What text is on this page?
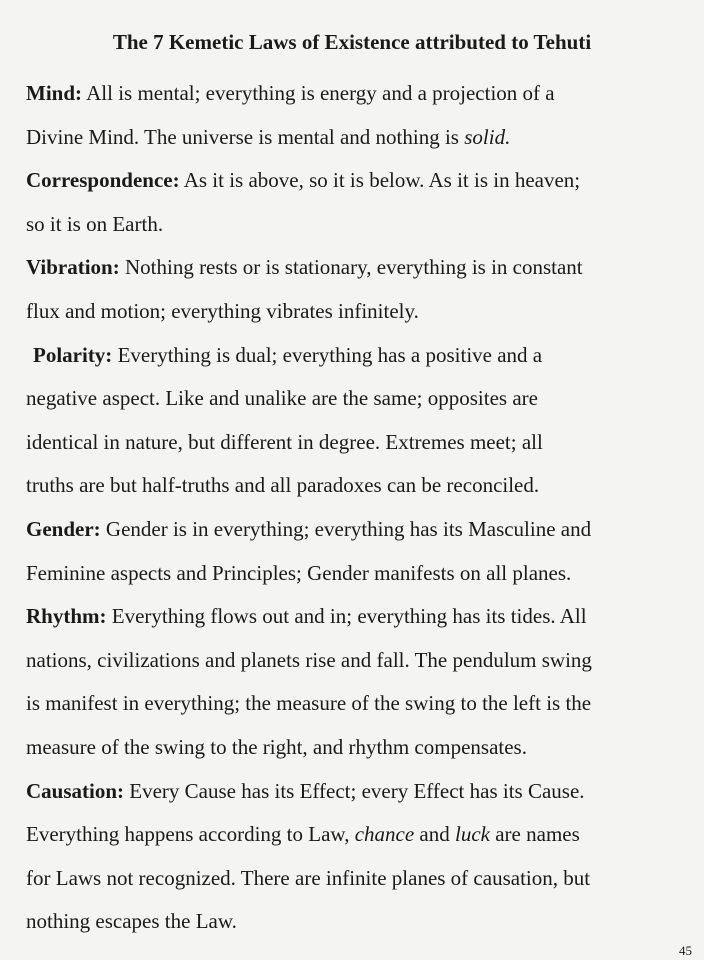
The 7 Kemetic Laws of Existence attributed to Tehuti
Mind: All is mental; everything is energy and a projection of a
Divine Mind. The universe is mental and nothing is solid.
Correspondence: As it is above, so it is below. As it is in heaven;
so it is on Earth.
Vibration: Nothing rests or is stationary, everything is in constant
flux and motion; everything vibrates infinitely.
Polarity: Everything is dual; everything has a positive and a
negative aspect. Like and unalike are the same; opposites are
identical in nature, but different in degree. Extremes meet; all
truths are but half-truths and all paradoxes can be reconciled.
Gender: Gender is in everything; everything has its Masculine and
Feminine aspects and Principles; Gender manifests on all planes.
Rhythm: Everything flows out and in; everything has its tides. All
nations, civilizations and planets rise and fall. The pendulum swing
is manifest in everything; the measure of the swing to the left is the
measure of the swing to the right, and rhythm compensates.
Causation: Every Cause has its Effect; every Effect has its Cause.
Everything happens according to Law, chance and luck are names
for Laws not recognized. There are infinite planes of causation, but
nothing escapes the Law.
45
